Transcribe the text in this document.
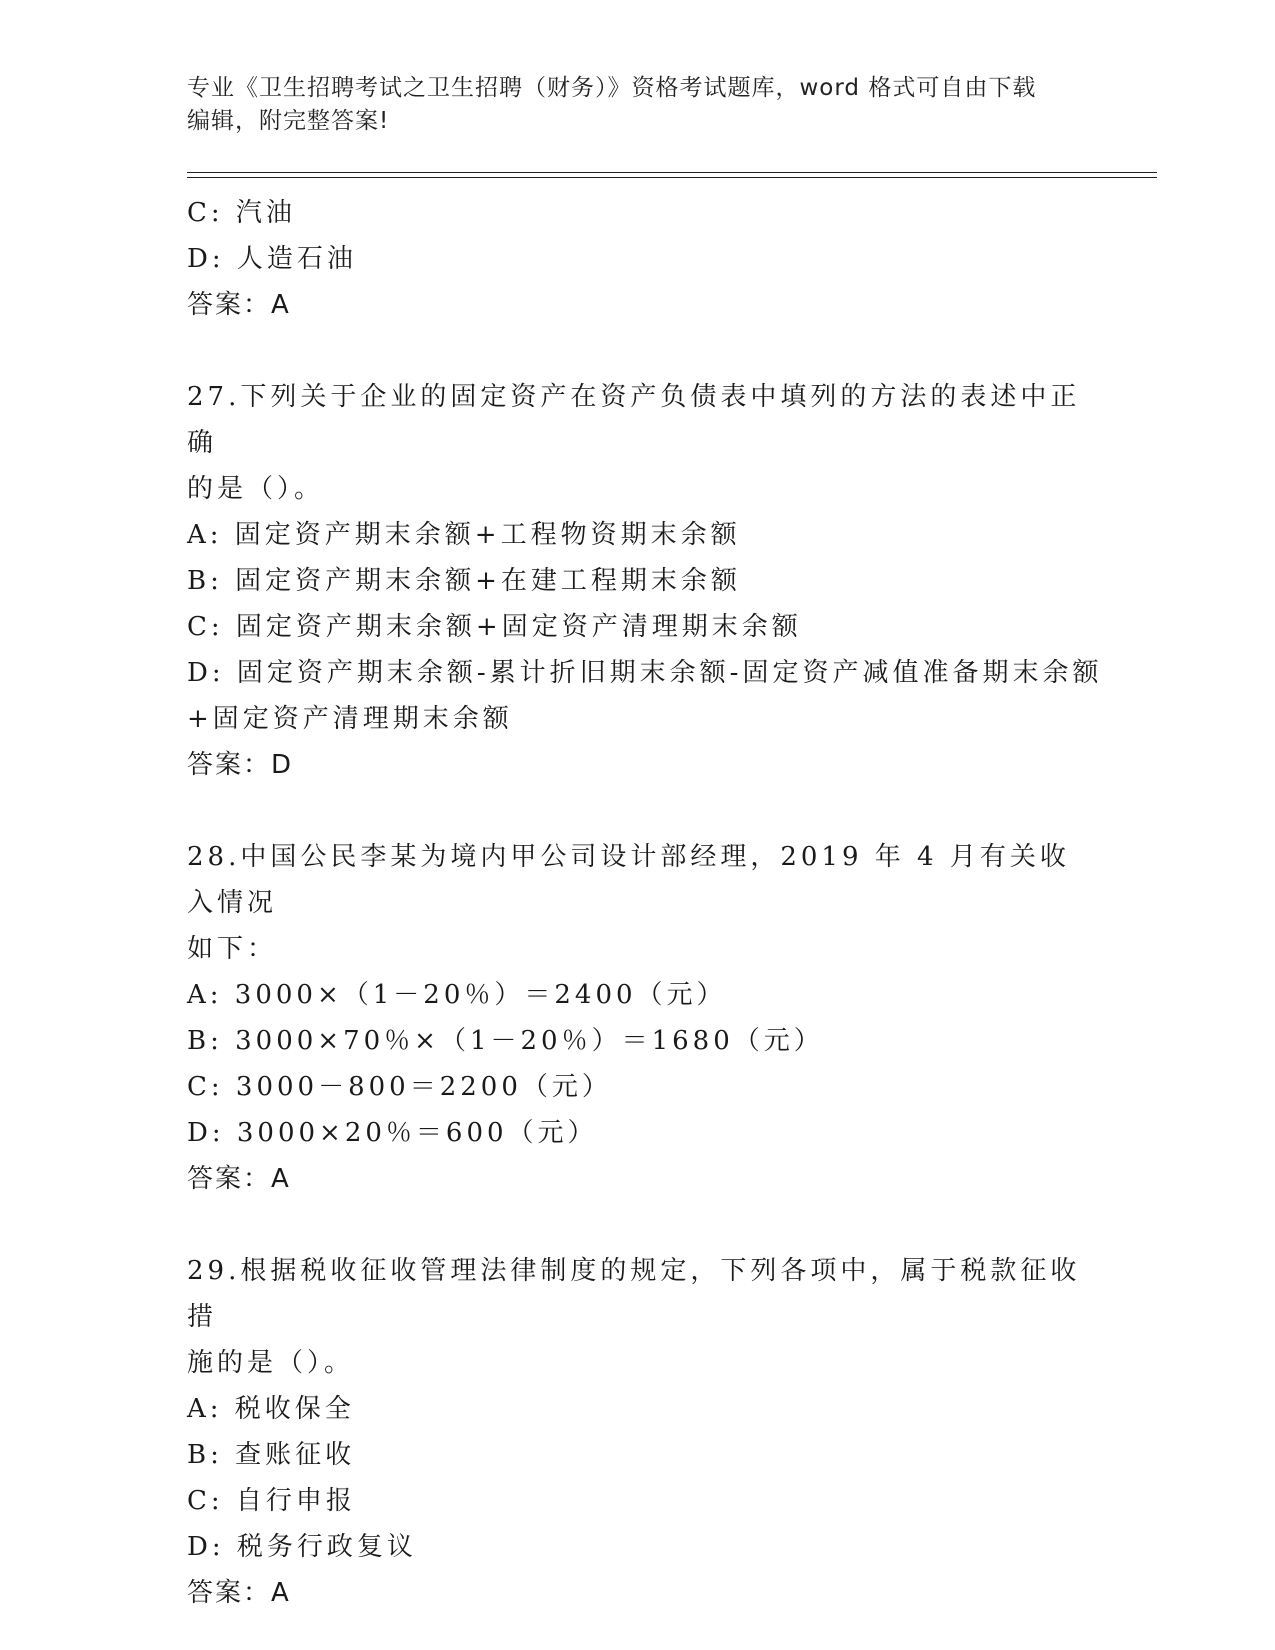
专业《卫生招聘考试之卫生招聘（财务）》资格考试题库，word 格式可自由下载
编辑，附完整答案!
C: 汽油
D: 人造石油
答案：A
27.下列关于企业的固定资产在资产负债表中填列的方法的表述中正确
的是（）。
A: 固定资产期末余额+工程物资期末余额
B: 固定资产期末余额+在建工程期末余额
C: 固定资产期末余额+固定资产清理期末余额
D: 固定资产期末余额-累计折旧期末余额-固定资产减值准备期末余额
+固定资产清理期末余额
答案：D
28.中国公民李某为境内甲公司设计部经理，2019 年 4 月有关收入情况
如下：
A: 3000×（1－20％）＝2400（元）
B: 3000×70％×（1－20％）＝1680（元）
C: 3000－800＝2200（元）
D: 3000×20％＝600（元）
答案：A
29.根据税收征收管理法律制度的规定，下列各项中，属于税款征收措
施的是（）。
A: 税收保全
B: 查账征收
C: 自行申报
D: 税务行政复议
答案：A
